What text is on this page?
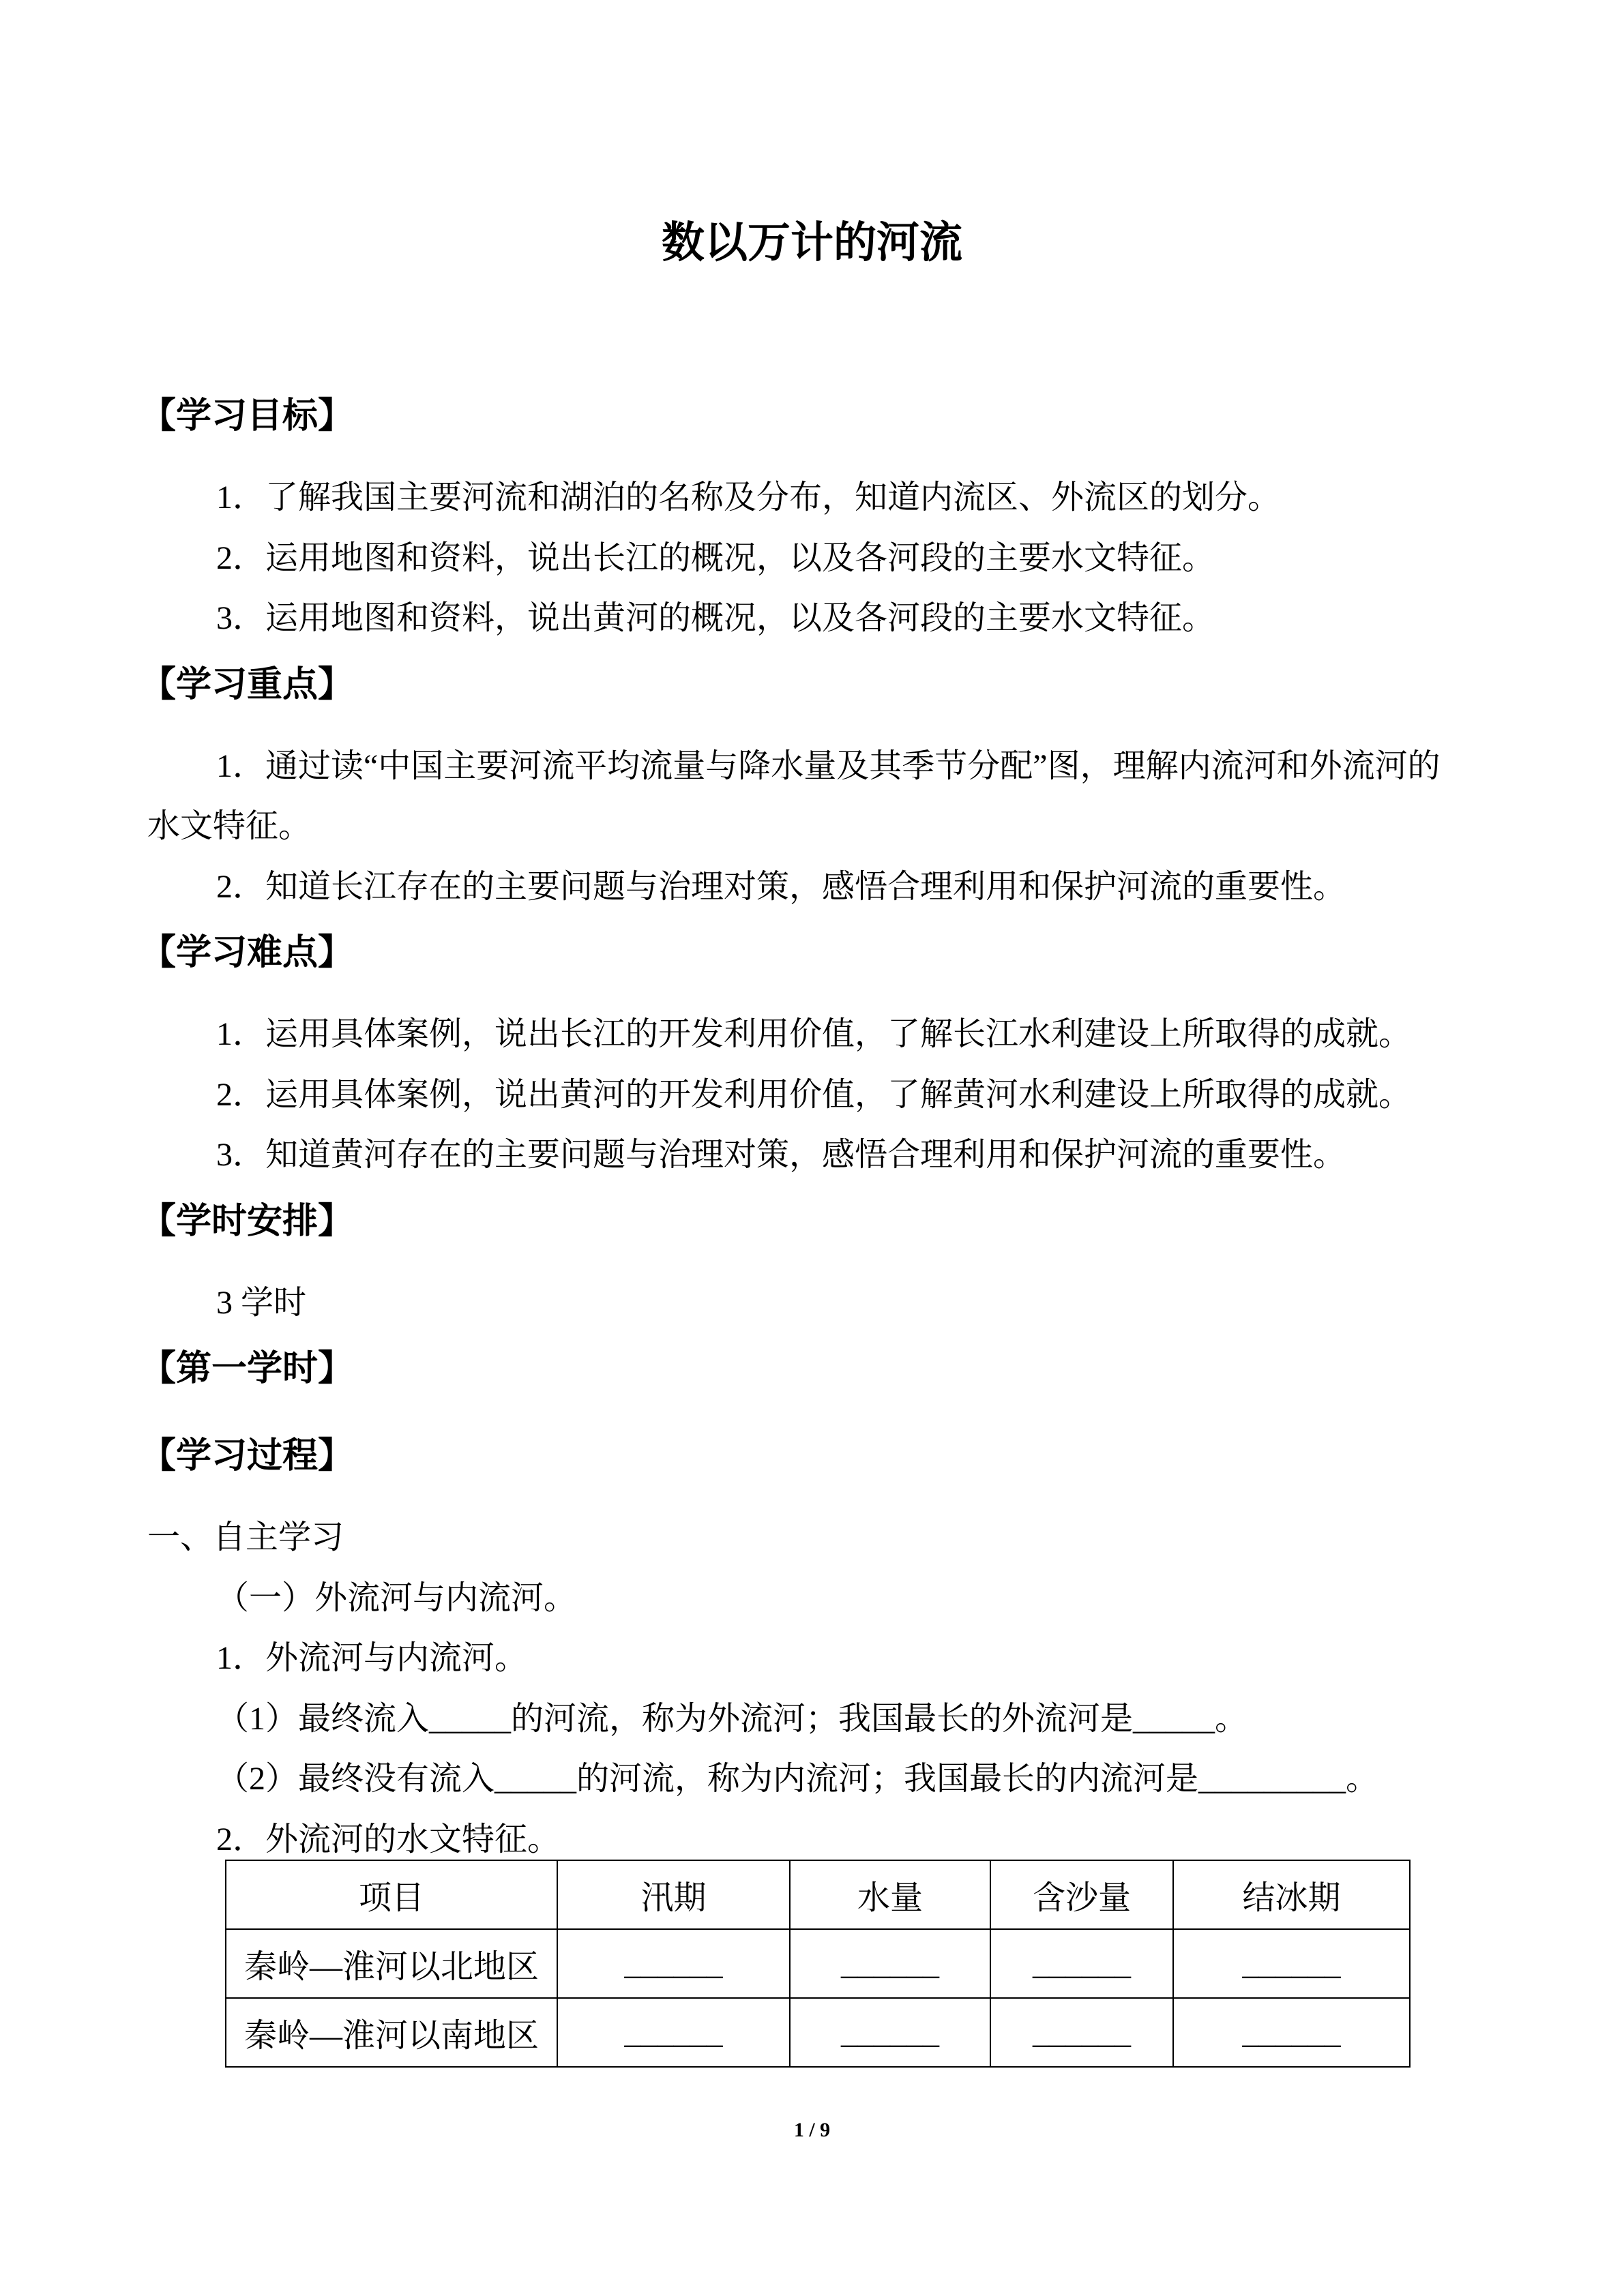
数以万计的河流
【学习目标】
1．了解我国主要河流和湖泊的名称及分布，知道内流区、外流区的划分。
2．运用地图和资料，说出长江的概况，以及各河段的主要水文特征。
3．运用地图和资料，说出黄河的概况，以及各河段的主要水文特征。
【学习重点】
1．通过读“中国主要河流平均流量与降水量及其季节分配”图，理解内流河和外流河的
水文特征。
2．知道长江存在的主要问题与治理对策，感悟合理利用和保护河流的重要性。
【学习难点】
1．运用具体案例，说出长江的开发利用价值，了解长江水利建设上所取得的成就。
2．运用具体案例，说出黄河的开发利用价值，了解黄河水利建设上所取得的成就。
3．知道黄河存在的主要问题与治理对策，感悟合理利用和保护河流的重要性。
【学时安排】
3 学时
【第一学时】
【学习过程】
一、自主学习
（一）外流河与内流河。
1．外流河与内流河。
（1）最终流入_____的河流，称为外流河；我国最长的外流河是_____。
（2）最终没有流入_____的河流，称为内流河；我国最长的内流河是_________。
2．外流河的水文特征。
项目	汛期	水量	含沙量	结冰期
秦岭—淮河以北地区	______	______	______	______
秦岭—淮河以南地区	______	______	______	______
1 / 9
